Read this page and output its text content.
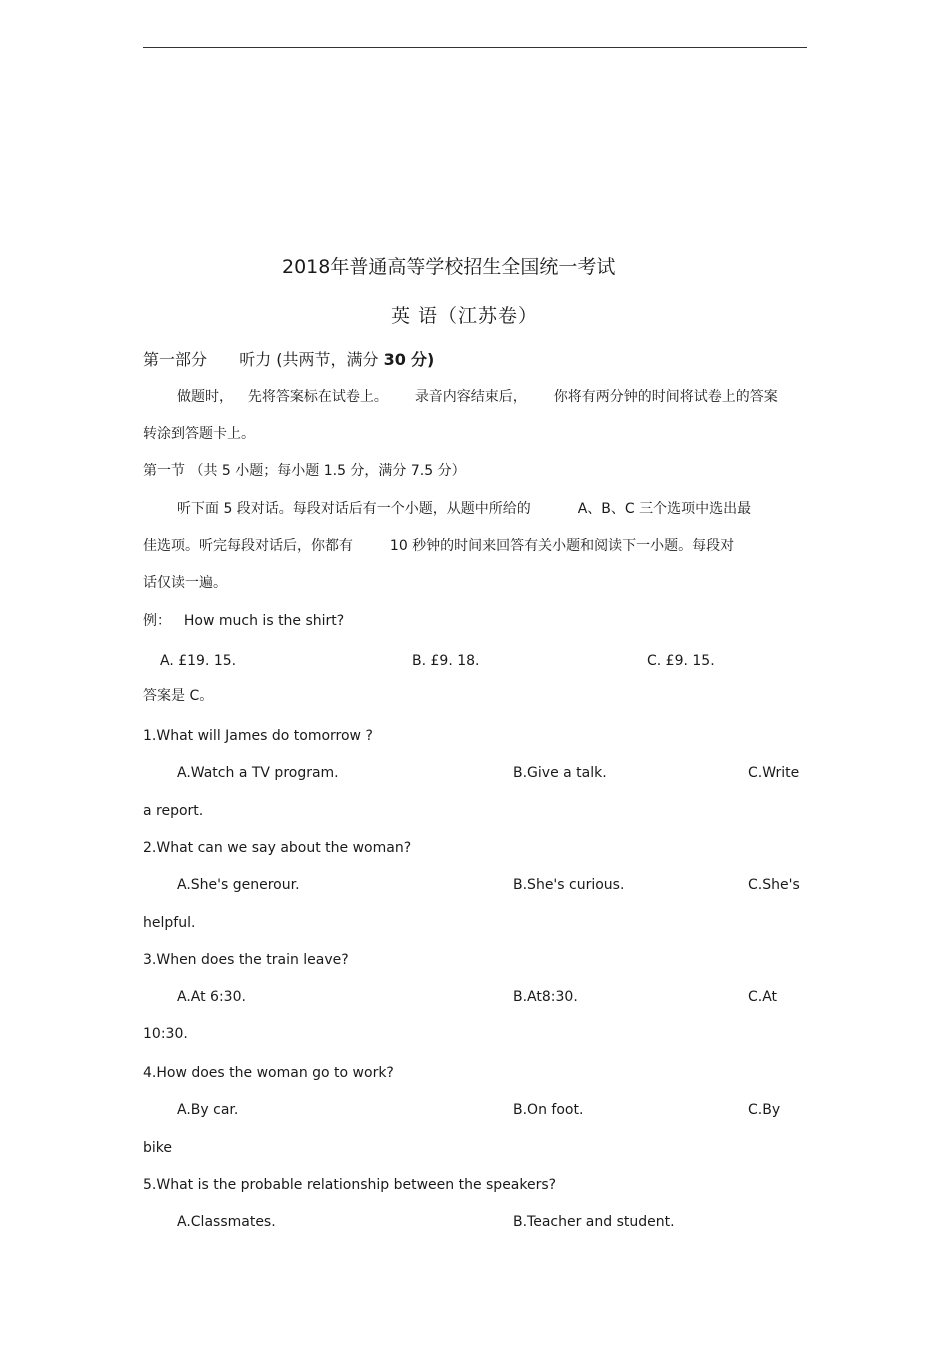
2018年普通高等学校招生全国统一考试
英 语（江苏卷）
第一部分 听力 (共两节，满分 30 分)
做题时， 先将答案标在试卷上。 录音内容结束后， 你将有两分钟的时间将试卷上的答案
转涂到答题卡上。
第一节 （共 5 小题；每小题 1.5 分，满分 7.5 分）
听下面 5 段对话。每段对话后有一个小题，从题中所给的	A、B、C 三个选项中选出最
佳选项。听完每段对话后，你都有	10 秒钟的时间来回答有关小题和阅读下一小题。每段对
话仅读一遍。
例： How much is the shirt?
A. £19. 15.	B. £9. 18.	C. £9. 15.
答案是 C。
1.What will James do tomorrow ?
A.Watch a TV program.	B.Give a talk.	C.Write
a report.
2.What can we say about the woman?
A.She's generour.	B.She's curious.	C.She's
helpful.
3.When does the train leave?
A.At 6:30.	B.At8:30.	C.At
10:30.
4.How does the woman go to work?
A.By car.	B.On foot.	C.By
bike
5.What is the probable relationship between the speakers?
A.Classmates.	B.Teacher and student.
